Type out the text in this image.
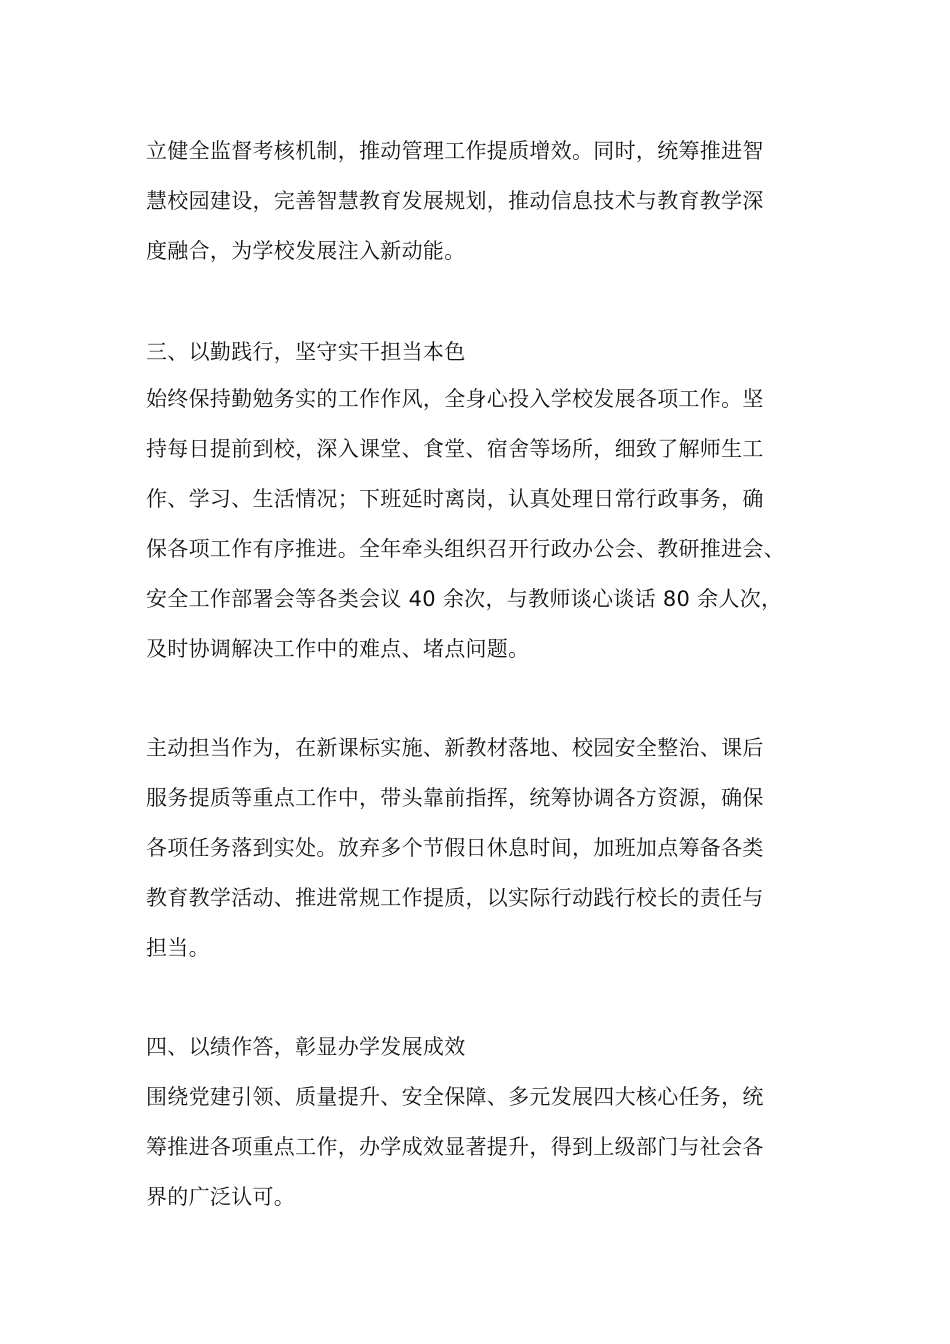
立健全监督考核机制，推动管理工作提质增效。同时，统筹推进智
慧校园建设，完善智慧教育发展规划，推动信息技术与教育教学深
度融合，为学校发展注入新动能。
三、以勤践行，坚守实干担当本色
始终保持勤勉务实的工作作风，全身心投入学校发展各项工作。坚
持每日提前到校，深入课堂、食堂、宿舍等场所，细致了解师生工
作、学习、生活情况；下班延时离岗，认真处理日常行政事务，确
保各项工作有序推进。全年牵头组织召开行政办公会、教研推进会、
安全工作部署会等各类会议 40 余次，与教师谈心谈话 80 余人次，
及时协调解决工作中的难点、堵点问题。
主动担当作为，在新课标实施、新教材落地、校园安全整治、课后
服务提质等重点工作中，带头靠前指挥，统筹协调各方资源，确保
各项任务落到实处。放弃多个节假日休息时间，加班加点筹备各类
教育教学活动、推进常规工作提质，以实际行动践行校长的责任与
担当。
四、以绩作答，彰显办学发展成效
围绕党建引领、质量提升、安全保障、多元发展四大核心任务，统
筹推进各项重点工作，办学成效显著提升，得到上级部门与社会各
界的广泛认可。
